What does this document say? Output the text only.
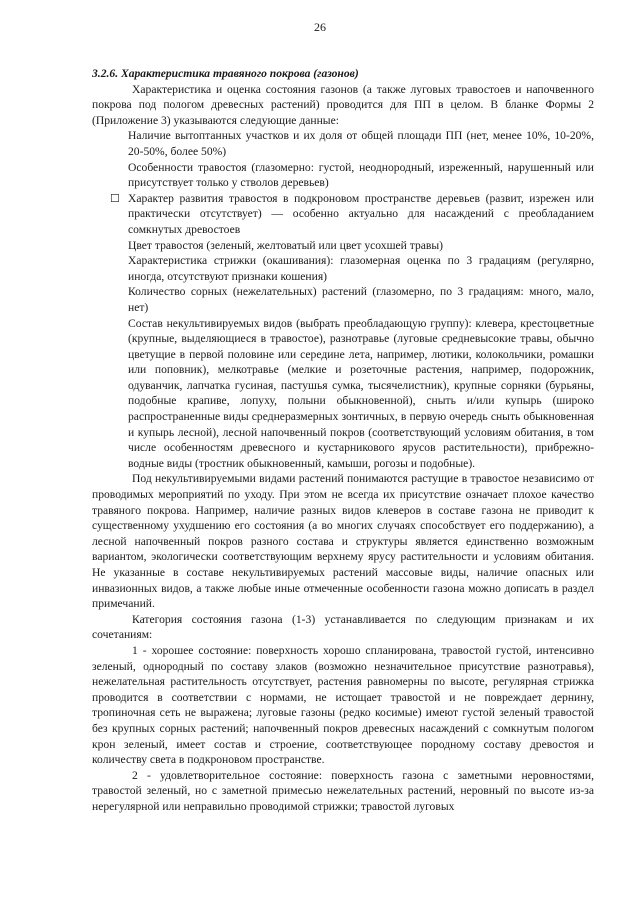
26
3.2.6. Характеристика травяного покрова (газонов)

Характеристика и оценка состояния газонов (а также луговых травостоев и напочвенного покрова под пологом древесных растений) проводится для ПП в целом. В бланке Формы 2 (Приложение 3) указываются следующие данные:

Наличие вытоптанных участков и их доля от общей площади ПП (нет, менее 10%, 10-20%, 20-50%, более 50%)
Особенности травостоя (глазомерно: густой, неоднородный, изреженный, нарушенный или присутствует только у стволов деревьев)
☐ Характер развития травостоя в подкроновом пространстве деревьев (развит, изрежен или практически отсутствует) — особенно актуально для насаждений с преобладанием сомкнутых древостоев
Цвет травостоя (зеленый, желтоватый или цвет усохшей травы)
Характеристика стрижки (окашивания): глазомерная оценка по 3 градациям (регулярно, иногда, отсутствуют признаки кошения)
Количество сорных (нежелательных) растений (глазомерно, по 3 градациям: много, мало, нет)
Состав некультивируемых видов (выбрать преобладающую группу): клевера, крестоцветные (крупные, выделяющиеся в травостое), разнотравье (луговые средневысокие травы, обычно цветущие в первой половине или середине лета, например, лютики, колокольчики, ромашки или поповник), мелкотравье (мелкие и розеточные растения, например, подорожник, одуванчик, лапчатка гусиная, пастушья сумка, тысячелистник), крупные сорняки (бурьяны, подобные крапиве, лопуху, полыни обыкновенной), сныть и/или купырь (широко распространенные виды среднеразмерных зонтичных, в первую очередь сныть обыкновенная и купырь лесной), лесной напочвенный покров (соответствующий условиям обитания, в том числе особенностям древесного и кустарникового ярусов растительности), прибрежно-водные виды (тростник обыкновенный, камыши, рогозы и подобные).

Под некультивируемыми видами растений понимаются растущие в травостое независимо от проводимых мероприятий по уходу. При этом не всегда их присутствие означает плохое качество травяного покрова. Например, наличие разных видов клеверов в составе газона не приводит к существенному ухудшению его состояния (а во многих случаях способствует его поддержанию), а лесной напочвенный покров разного состава и структуры является единственно возможным вариантом, экологически соответствующим верхнему ярусу растительности и условиям обитания. Не указанные в составе некультивируемых растений массовые виды, наличие опасных или инвазионных видов, а также любые иные отмеченные особенности газона можно дописать в раздел примечаний.

Категория состояния газона (1-3) устанавливается по следующим признакам и их сочетаниям:

1 - хорошее состояние: поверхность хорошо спланирована, травостой густой, интенсивно зеленый, однородный по составу злаков (возможно незначительное присутствие разнотравья), нежелательная растительность отсутствует, растения равномерны по высоте, регулярная стрижка проводится в соответствии с нормами, не истощает травостой и не повреждает дернину, тропиночная сеть не выражена; луговые газоны (редко косимые) имеют густой зеленый травостой без крупных сорных растений; напочвенный покров древесных насаждений с сомкнутым пологом крон зеленый, имеет состав и строение, соответствующее породному составу древостоя и количеству света в подкроновом пространстве.

2 - удовлетворительное состояние: поверхность газона с заметными неровностями, травостой зеленый, но с заметной примесью нежелательных растений, неровный по высоте из-за нерегулярной или неправильно проводимой стрижки; травостой луговых
